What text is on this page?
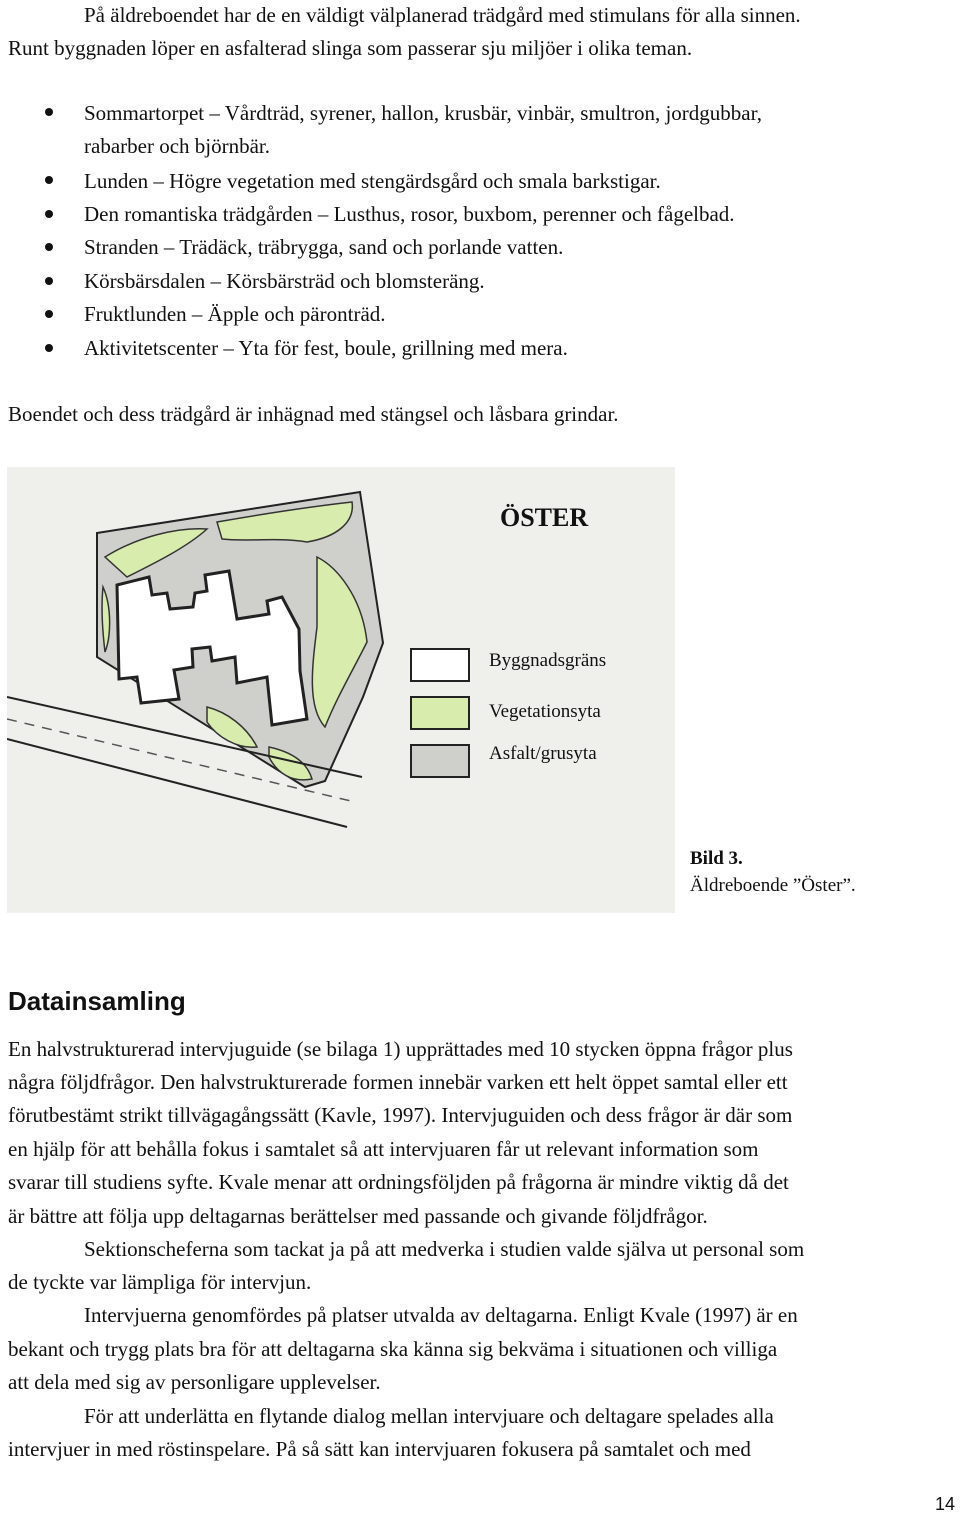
På äldreboendet har de en väldigt välplanerad trädgård med stimulans för alla sinnen.
Runt byggnaden löper en asfalterad slinga som passerar sju miljöer i olika teman.
Sommartorpet – Vårdträd, syrener, hallon, krusbär, vinbär, smultron, jordgubbar,
rabarber och björnbär.
Lunden – Högre vegetation med stengärdsgård och smala barkstigar.
Den romantiska trädgården – Lusthus, rosor, buxbom, perenner och fågelbad.
Stranden – Trädäck, träbrygga, sand och porlande vatten.
Körsbärsdalen – Körsbärsträd och blomsteräng.
Fruktlunden – Äpple och päronträd.
Aktivitetscenter – Yta för fest, boule, grillning med mera.
Boendet och dess trädgård är inhägnad med stängsel och låsbara grindar.
ÖSTER
Byggnadsgräns
Vegetationsyta
Asfalt/grusyta
Bild 3.
Äldreboende ”Öster”.
Datainsamling
En halvstrukturerad intervjuguide (se bilaga 1) upprättades med 10 stycken öppna frågor plus
några följdfrågor. Den halvstrukturerade formen innebär varken ett helt öppet samtal eller ett
förutbestämt strikt tillvägagångssätt (Kavle, 1997). Intervjuguiden och dess frågor är där som
en hjälp för att behålla fokus i samtalet så att intervjuaren får ut relevant information som
svarar till studiens syfte. Kvale menar att ordningsföljden på frågorna är mindre viktig då det
är bättre att följa upp deltagarnas berättelser med passande och givande följdfrågor.
Sektionscheferna som tackat ja på att medverka i studien valde själva ut personal som
de tyckte var lämpliga för intervjun.
Intervjuerna genomfördes på platser utvalda av deltagarna. Enligt Kvale (1997) är en
bekant och trygg plats bra för att deltagarna ska känna sig bekväma i situationen och villiga
att dela med sig av personligare upplevelser.
För att underlätta en flytande dialog mellan intervjuare och deltagare spelades alla
intervjuer in med röstinspelare. På så sätt kan intervjuaren fokusera på samtalet och med
14
